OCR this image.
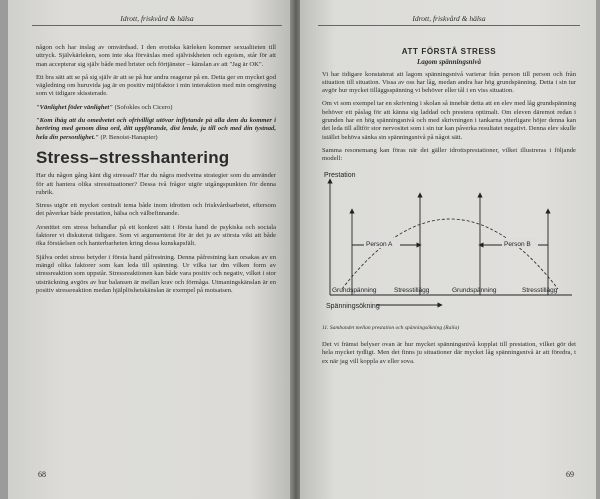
Idrott, friskvård & hälsa

någon och har inslag av omvärdsad. I den erotiska kärleken kommer sexualiteten till uttryck. Självkärleken, som inte ska förväxlas med själviskheten och egoism, står för att man accepterar sig själv både med brister och förtjänster – känslan av att "Jag är OK".

Ett bra sätt att se på sig själv är att se på hur andra reagerar på en. Detta ger en mycket god vägledning om huruvida jag är en positiv mijöfaktor i min interaktion med min omgivning som vi tidigare skissterade.

"Vänlighet föder vänlighet" (Sofokles och Cicero)

"Kom ihåg att du omedvetet och ofrivilligt utövar inflytande på alla dem du kommer i beröring med genom dina ord, ditt uppförande, dist lende, ja till och med din tystnad, hela din personlighet." (P. Benoist-Hanapier)

Stress–stresshantering

Har du någon gång känt dig stressad? Har du några medvetna strategier som du använder för att hantera olika stressituationer? Dessa två frågor utgör utgångspunkten för denna rubrik.

Stress utgör ett mycket centralt tema både inom idrotten och friskvårdsarbetet, eftersom det påverkar både prestation, hälsa och välbefinnande.

Avsnittet om stress behandlar på ett konkret sätt i första hand de psykiska och sociala faktorer vi diskuterat tidigare. Som vi argumenterat för är det ju av största vikt att både öka förståelsen och hanterbarheten kring dessa kunskapsfält.

Själva ordet stress betyder i första hand påfrestning. Denna påfrestning kan orsakas av en mängd olika faktorer som kan leda till spänning. Ur vilka tar dm vilken form av stressreaktion som uppstår. Stressreaktionen kan både vara positiv och negativ, vilket i stor utsträckning avgörs av hur balansen är mellan krav och förmåga. Utmaningskänslan är en positiv stressreaktion medan hjälplöshetskänslan är exempel på motsatsen.

68
Idrott, friskvård & hälsa
ATT FÖRSTÅ STRESS
Lagom spänningsnivå

Vi har tidigare konstaterat att lagom spänningsnivå varierar från person till person och från situation till situation. Vissa av oss har låg, medan andra har hög grundspänning. Detta i sin tur avgör hur mycket tilläggsspänning vi behöver eller tål i en viss situation.

Om vi som exempel tar en skrivning i skolan så innebär detta att en elev med låg grundspänning behöver ett påslag för att känna sig laddad och prestera optimalt. Om eleven däremot redan i grunden har en hög spänningsnivå och med skrivningen i tankarna ytterligare höjer denna kan det leda till alltför stor nervositet som i sin tur kan påverka resultatet negativt. Denna elev skulle istället behöva sänka sin spänningsnivå på något sätt.

Samma resonemang kan föras när det gäller idrottsprestationer, vilket illustreras i följande modell:

Prestation
Person A	Person B
Grundspänning	Stresstillägg	Grundspänning	Stresstillägg
Spänningsökning
11. Sambandet mellan prestation och spänningsökning (Raila)

Det vi främst belyser ovan är hur mycket spänningsnivå kopplat till prestation, vilket gör det hela mycket tydligt. Men det finns ju situationer där mycket låg spänningsnivå är att föredra, t ex när jag vill koppla av eller sova.

69
